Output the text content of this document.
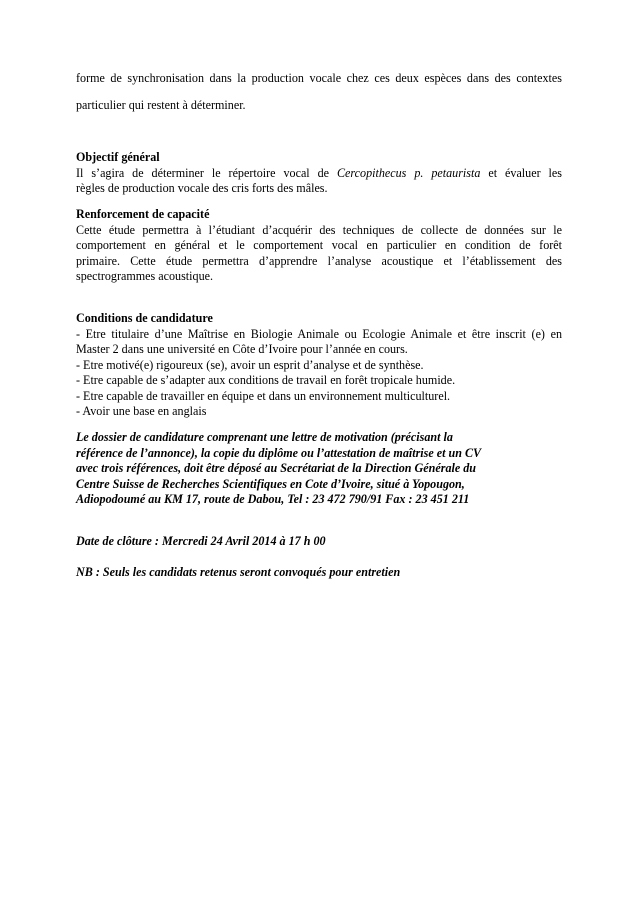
forme de synchronisation dans la production vocale chez ces deux espèces dans des contextes
particulier qui restent à déterminer.
Objectif général
Il s’agira de déterminer le répertoire vocal de Cercopithecus p. petaurista et évaluer les
règles de production vocale des cris forts des mâles.
Renforcement de capacité
Cette étude permettra à l’étudiant d’acquérir des techniques de collecte de données sur le
comportement en général et le comportement vocal en particulier en condition de forêt
primaire. Cette étude permettra d’apprendre l’analyse acoustique et l’établissement des
spectrogrammes acoustique.
Conditions de candidature
- Etre titulaire d’une Maîtrise en Biologie Animale ou Ecologie Animale et être inscrit (e) en
Master 2 dans une université en Côte d’Ivoire pour l’année en cours.
- Etre motivé(e) rigoureux (se), avoir un esprit d’analyse et de synthèse.
- Etre capable de s’adapter aux conditions de travail en forêt tropicale humide.
- Etre capable de travailler en équipe et dans un environnement multiculturel.
- Avoir une base en anglais
Le dossier de candidature comprenant une lettre de motivation (précisant la
référence de l’annonce), la copie du diplôme ou l’attestation de maîtrise et un CV
avec trois références, doit être déposé au Secrétariat de la Direction Générale du
Centre Suisse de Recherches Scientifiques en Cote d’Ivoire, situé à Yopougon,
Adiopodoumé au KM 17, route de Dabou, Tel : 23 472 790/91 Fax : 23 451 211
Date de clôture : Mercredi 24 Avril 2014 à 17 h 00
NB : Seuls les candidats retenus seront convoqués pour entretien
